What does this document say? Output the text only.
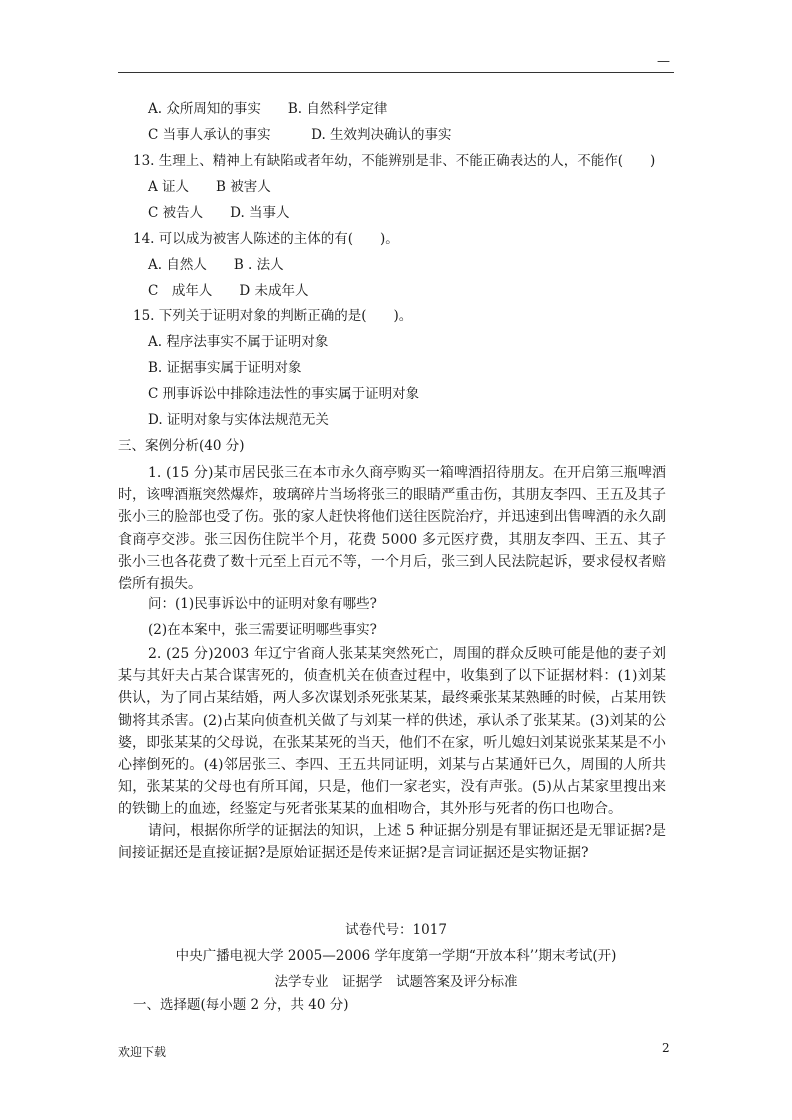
—
A. 众所周知的事实　　B. 自然科学定律
C 当事人承认的事实　　　D. 生效判决确认的事实
13. 生理上、精神上有缺陷或者年幼，不能辨别是非、不能正确表达的人，不能作(　　)
A 证人　　B 被害人
C 被告人　　D. 当事人
14. 可以成为被害人陈述的主体的有(　　)。
A. 自然人　　B . 法人
C　成年人　　D 未成年人
15. 下列关于证明对象的判断正确的是(　　)。
A. 程序法事实不属于证明对象
B. 证据事实属于证明对象
C 刑事诉讼中排除违法性的事实属于证明对象
D. 证明对象与实体法规范无关
三、案例分析(40 分)
1. (15 分)某市居民张三在本市永久商亭购买一箱啤酒招待朋友。在开启第三瓶啤酒时，该啤酒瓶突然爆炸，玻璃碎片当场将张三的眼睛严重击伤，其朋友李四、王五及其子张小三的脸部也受了伤。张的家人赶快将他们送往医院治疗，并迅速到出售啤酒的永久副食商亭交涉。张三因伤住院半个月，花费 5000 多元医疗费，其朋友李四、王五、其子张小三也各花费了数十元至上百元不等，一个月后，张三到人民法院起诉，要求侵权者赔偿所有损失。
问：(1)民事诉讼中的证明对象有哪些?
(2)在本案中，张三需要证明哪些事实?
2. (25 分)2003 年辽宁省商人张某某突然死亡，周围的群众反映可能是他的妻子刘某与其奸夫占某合谋害死的，侦查机关在侦查过程中，收集到了以下证据材料：(1)刘某供认，为了同占某结婚，两人多次谋划杀死张某某，最终乘张某某熟睡的时候，占某用铁锄将其杀害。(2)占某向侦查机关做了与刘某一样的供述，承认杀了张某某。(3)刘某的公婆，即张某某的父母说，在张某某死的当天，他们不在家，听儿媳妇刘某说张某某是不小心摔倒死的。(4)邻居张三、李四、王五共同证明，刘某与占某通奸已久，周围的人所共知，张某某的父母也有所耳闻，只是，他们一家老实，没有声张。(5)从占某家里搜出来的铁锄上的血迹，经鉴定与死者张某某的血相吻合，其外形与死者的伤口也吻合。
请问，根据你所学的证据法的知识，上述 5 种证据分别是有罪证据还是无罪证据?是间接证据还是直接证据?是原始证据还是传来证据?是言词证据还是实物证据?
试卷代号：1017
中央广播电视大学 2005—2006 学年度第一学期“开放本科’’期末考试(开)
法学专业　证据学　试题答案及评分标准
一、选择题(每小题 2 分，共 40 分)
欢迎下载	2
